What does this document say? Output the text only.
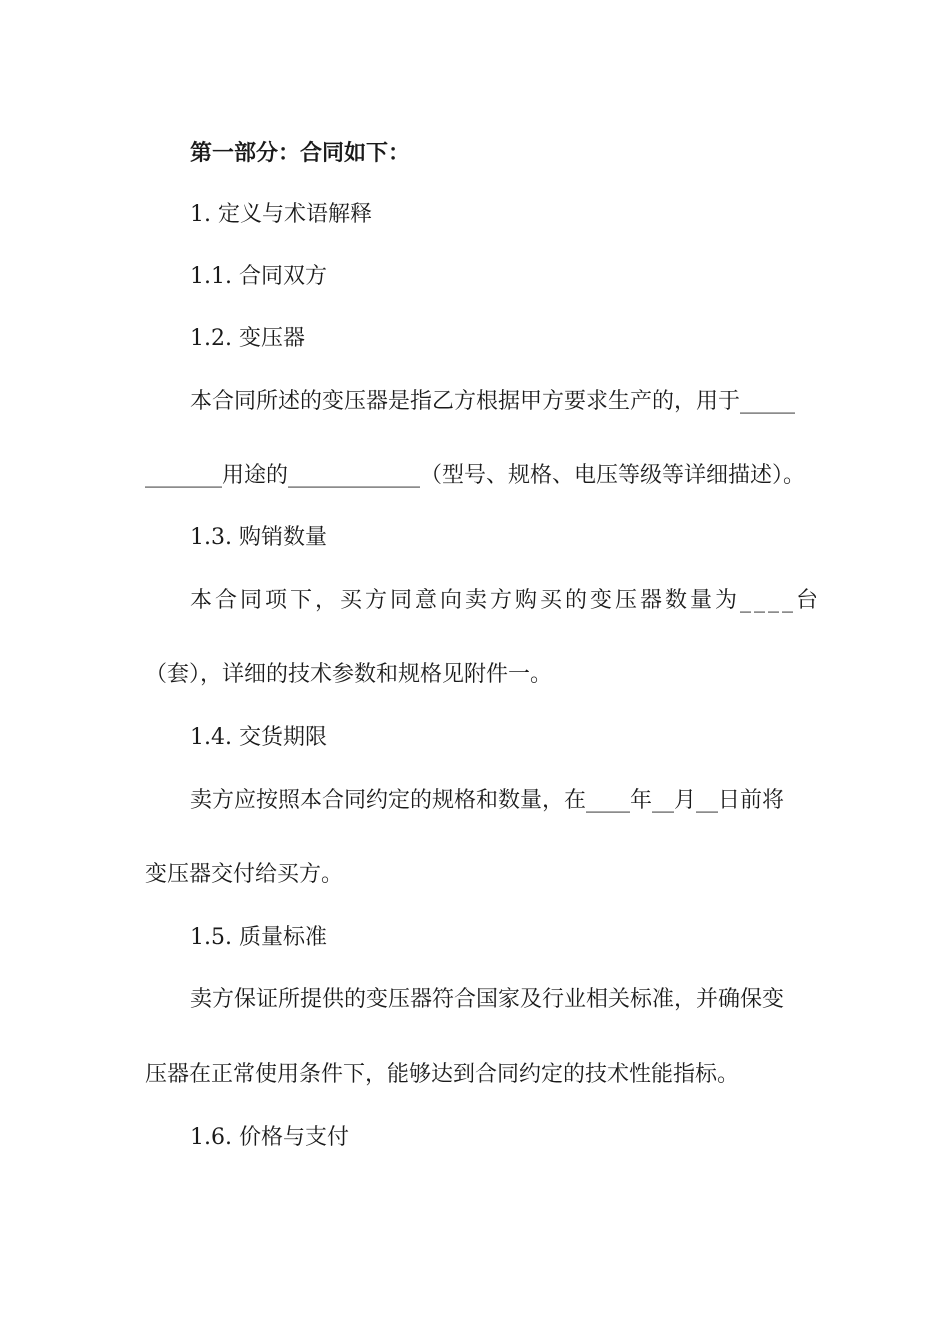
第一部分：合同如下：
1. 定义与术语解释
1.1. 合同双方
1.2. 变压器
本合同所述的变压器是指乙方根据甲方要求生产的，用于_____
_______用途的____________（型号、规格、电压等级等详细描述）。
1.3. 购销数量
本合同项下，买方同意向卖方购买的变压器数量为____台
（套），详细的技术参数和规格见附件一。
1.4. 交货期限
卖方应按照本合同约定的规格和数量，在____年__月__日前将
变压器交付给买方。
1.5. 质量标准
卖方保证所提供的变压器符合国家及行业相关标准，并确保变
压器在正常使用条件下，能够达到合同约定的技术性能指标。
1.6. 价格与支付
